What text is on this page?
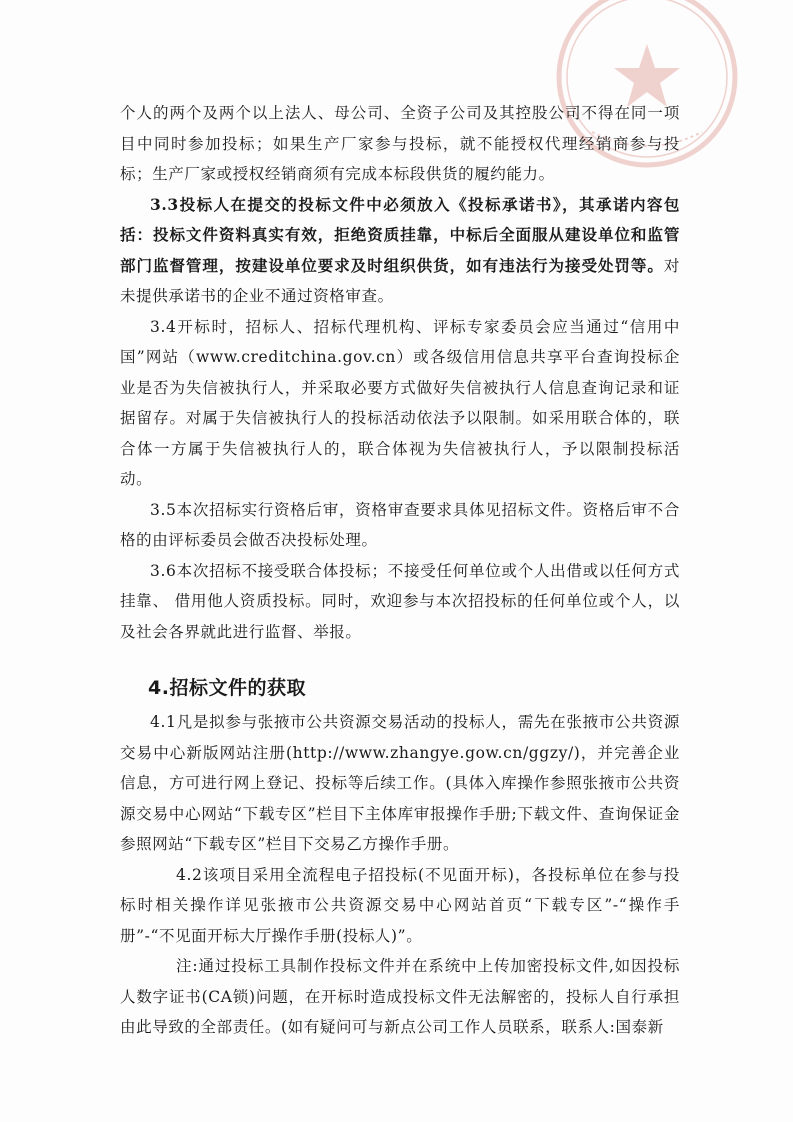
个人的两个及两个以上法人、母公司、全资子公司及其控股公司不得在同一项目中同时参加投标；如果生产厂家参与投标，就不能授权代理经销商参与投标；生产厂家或授权经销商须有完成本标段供货的履约能力。

3.3投标人在提交的投标文件中必须放入《投标承诺书》，其承诺内容包括：投标文件资料真实有效，拒绝资质挂靠，中标后全面服从建设单位和监管部门监督管理，按建设单位要求及时组织供货，如有违法行为接受处罚等。对未提供承诺书的企业不通过资格审查。

3.4开标时，招标人、招标代理机构、评标专家委员会应当通过“信用中国”网站（www.creditchina.gov.cn）或各级信用信息共享平台查询投标企业是否为失信被执行人，并采取必要方式做好失信被执行人信息查询记录和证据留存。对属于失信被执行人的投标活动依法予以限制。如采用联合体的，联合体一方属于失信被执行人的，联合体视为失信被执行人，予以限制投标活动。

3.5本次招标实行资格后审，资格审查要求具体见招标文件。资格后审不合格的由评标委员会做否决投标处理。

3.6本次招标不接受联合体投标；不接受任何单位或个人出借或以任何方式挂靠、 借用他人资质投标。同时，欢迎参与本次招投标的任何单位或个人，以及社会各界就此进行监督、举报。

4.招标文件的获取

4.1凡是拟参与张掖市公共资源交易活动的投标人，需先在张掖市公共资源交易中心新版网站注册(http://www.zhangye.gow.cn/ggzy/)，并完善企业信息，方可进行网上登记、投标等后续工作。(具体入库操作参照张掖市公共资源交易中心网站“下载专区”栏目下主体库审报操作手册;下载文件、查询保证金参照网站“下载专区”栏目下交易乙方操作手册。

4.2该项目采用全流程电子招投标(不见面开标)，各投标单位在参与投标时相关操作详见张掖市公共资源交易中心网站首页“下载专区”-“操作手册”-“不见面开标大厅操作手册(投标人)”。

注:通过投标工具制作投标文件并在系统中上传加密投标文件,如因投标人数字证书(CA锁)问题，在开标时造成投标文件无法解密的，投标人自行承担由此导致的全部责任。(如有疑问可与新点公司工作人员联系，联系人:国泰新
